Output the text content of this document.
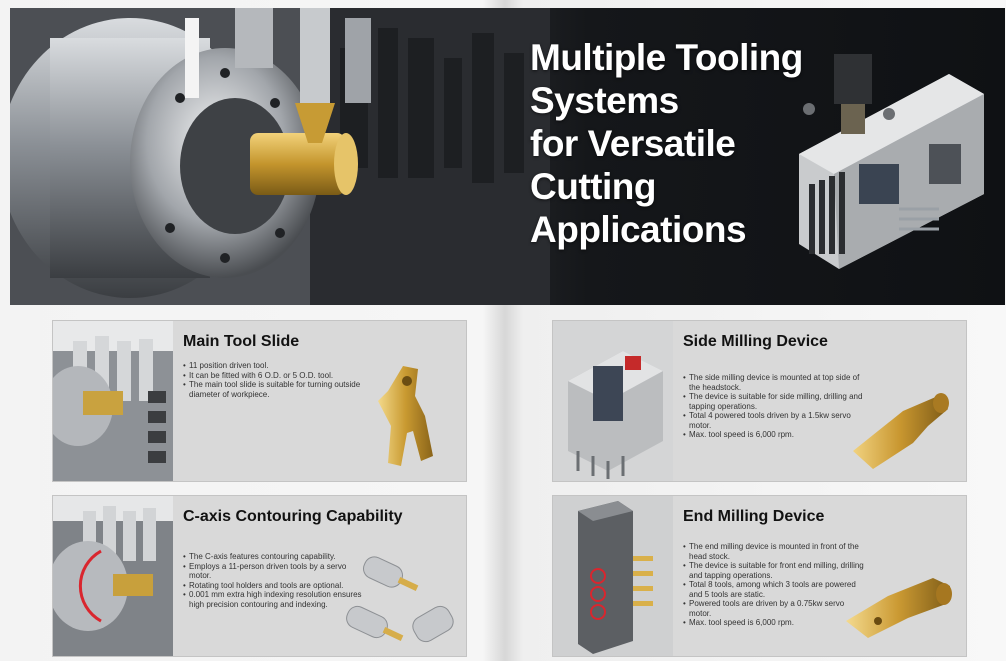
Multiple Tooling
Systems
for Versatile
Cutting
Applications
Main Tool Slide
• 11 position driven tool.
• It can be fitted with 6 O.D. or 5 O.D. tool.
• The main tool slide is suitable for turning outside diameter of workpiece.
C-axis Contouring Capability
• The C-axis features contouring capability.
• Employs a 11-person driven tools by a servo motor.
• Rotating tool holders and tools are optional.
• 0.001 mm extra high indexing resolution ensures high precision contouring and indexing.
Side Milling Device
• The side milling device is mounted at top side of the headstock.
• The device is suitable for side milling, drilling and tapping operations.
• Total 4 powered tools driven by a 1.5kw servo motor.
• Max. tool speed is 6,000 rpm.
End Milling Device
• The end milling device is mounted in front of the head stock.
• The device is suitable for front end milling, drilling and tapping operations.
• Total 8 tools, among which 3 tools are powered and 5 tools are static.
• Powered tools are driven by a 0.75kw servo motor.
• Max. tool speed is 6,000 rpm.
